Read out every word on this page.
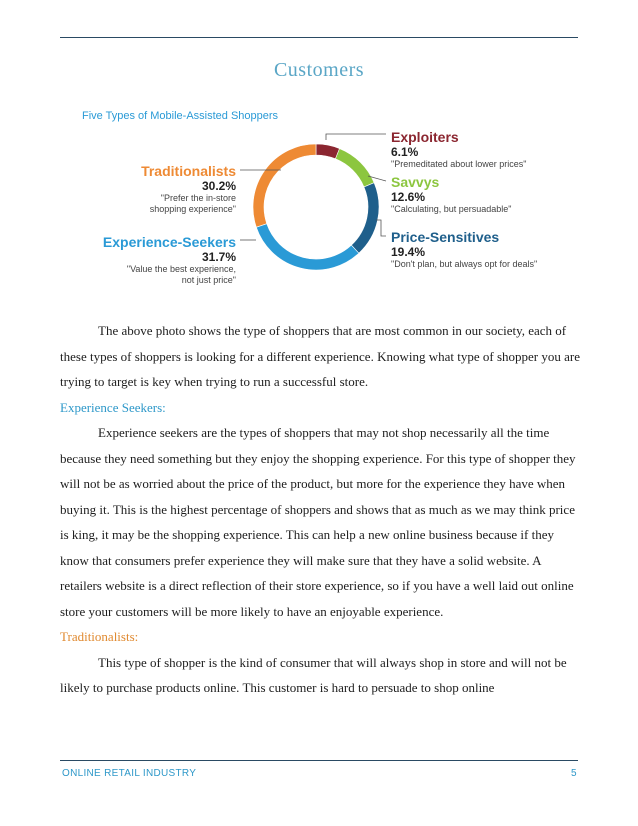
Customers
Five Types of Mobile-Assisted Shoppers
Exploiters
6.1%
"Premeditated about lower prices"
Savvys
12.6%
"Calculating, but persuadable"
Price-Sensitives
19.4%
"Don't plan, but always opt for deals"
Traditionalists
30.2%
"Prefer the in-store
shopping experience"
Experience-Seekers
31.7%
"Value the best experience,
not just price"

The above photo shows the type of shoppers that are most common in our society, each of these types of shoppers is looking for a different experience. Knowing what type of shopper you are trying to target is key when trying to run a successful store.

Experience Seekers:

Experience seekers are the types of shoppers that may not shop necessarily all the time because they need something but they enjoy the shopping experience. For this type of shopper they will not be as worried about the price of the product, but more for the experience they have when buying it. This is the highest percentage of shoppers and shows that as much as we may think price is king, it may be the shopping experience. This can help a new online business because if they know that consumers prefer experience they will make sure that they have a solid website. A retailers website is a direct reflection of their store experience, so if you have a well laid out online store your customers will be more likely to have an enjoyable experience.

Traditionalists:

This type of shopper is the kind of consumer that will always shop in store and will not be likely to purchase products online. This customer is hard to persuade to shop online

ONLINE RETAIL INDUSTRY	5
